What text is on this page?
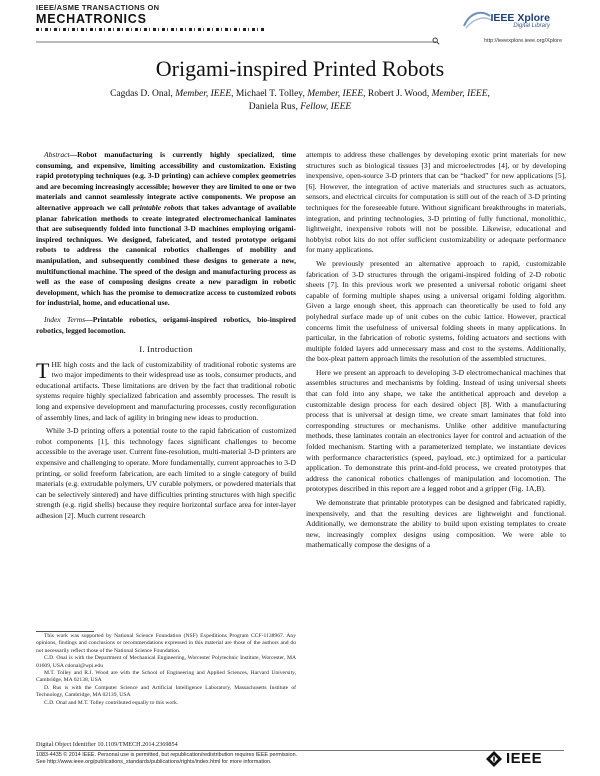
IEEE/ASME TRANSACTIONS ON
MECHATRONICS	IEEE Xplore
Digital Library
http://ieeexplore.ieee.org/Xplore
Origami-inspired Printed Robots
Cagdas D. Onal, Member, IEEE, Michael T. Tolley, Member, IEEE, Robert J. Wood, Member, IEEE,
Daniela Rus, Fellow, IEEE

Abstract—Robot manufacturing is currently highly specialized, time consuming, and expensive, limiting accessibility and customization. Existing rapid prototyping techniques (e.g. 3-D printing) can achieve complex geometries and are becoming increasingly accessible; however they are limited to one or two materials and cannot seamlessly integrate active components. We propose an alternative approach we call printable robots that takes advantage of available planar fabrication methods to create integrated electromechanical laminates that are subsequently folded into functional 3-D machines employing origami-inspired techniques. We designed, fabricated, and tested prototype origami robots to address the canonical robotics challenges of mobility and manipulation, and subsequently combined these designs to generate a new, multifunctional machine. The speed of the design and manufacturing process as well as the ease of composing designs create a new paradigm in robotic development, which has the promise to democratize access to customized robots for industrial, home, and educational use.

Index Terms—Printable robotics, origami-inspired robotics, bio-inspired robotics, legged locomotion.

I. Introduction

THE high costs and the lack of customizability of traditional robotic systems are two major impediments to their widespread use as tools, consumer products, and educational artifacts. These limitations are driven by the fact that traditional robotic systems require highly specialized fabrication and assembly processes. The result is long and expensive development and manufacturing processes, costly reconfiguration of assembly lines, and lack of agility in bringing new ideas to production.

While 3-D printing offers a potential route to the rapid fabrication of customized robot components [1], this technology faces significant challenges to become accessible to the average user. Current fine-resolution, multi-material 3-D printers are expensive and challenging to operate. More fundamentally, current approaches to 3-D printing, or solid freeform fabrication, are each limited to a single category of build materials (e.g. extrudable polymers, UV curable polymers, or powdered materials that can be selectively sintered) and have difficulties printing structures with high specific strength (e.g. rigid shells) because they require horizontal surface area for inter-layer adhesion [2]. Much current research

attempts to address these challenges by developing exotic print materials for new structures such as biological tissues [3] and microelectrodes [4], or by developing inexpensive, open-source 3-D printers that can be “hacked” for new applications [5], [6]. However, the integration of active materials and structures such as actuators, sensors, and electrical circuits for computation is still out of the reach of 3-D printing techniques for the foreseeable future. Without significant breakthroughs in materials, integration, and printing technologies, 3-D printing of fully functional, monolithic, lightweight, inexpensive robots will not be possible. Likewise, educational and hobbyist robot kits do not offer sufficient customizability or adequate performance for many applications.

We previously presented an alternative approach to rapid, customizable fabrication of 3-D structures through the origami-inspired folding of 2-D robotic sheets [7]. In this previous work we presented a universal robotic origami sheet capable of forming multiple shapes using a universal origami folding algorithm. Given a large enough sheet, this approach can theoretically be used to fold any polyhedral surface made up of unit cubes on the cubic lattice. However, practical concerns limit the usefulness of universal folding sheets in many applications. In particular, in the fabrication of robotic systems, folding actuators and sections with multiple folded layers add unnecessary mass and cost to the systems. Additionally, the box-pleat pattern approach limits the resolution of the assembled structures.

Here we present an approach to developing 3-D electromechanical machines that assembles structures and mechanisms by folding. Instead of using universal sheets that can fold into any shape, we take the antithetical approach and develop a customizable design process for each desired object [8]. With a manufacturing process that is universal at design time, we create smart laminates that fold into corresponding structures or mechanisms. Unlike other additive manufacturing methods, these laminates contain an electronics layer for control and actuation of the folded mechanism. Starting with a parameterized template, we instantiate devices with performance characteristics (speed, payload, etc.) optimized for a particular application. To demonstrate this print-and-fold process, we created prototypes that address the canonical robotics challenges of manipulation and locomotion. The prototypes described in this report are a legged robot and a gripper (Fig. 1A,B).

We demonstrate that printable prototypes can be designed and fabricated rapidly, inexpensively, and that the resulting devices are lightweight and functional. Additionally, we demonstrate the ability to build upon existing templates to create new, increasingly complex designs using composition. We were able to mathematically compose the designs of a

This work was supported by National Science Foundation (NSF) Expeditions Program CCF-1138967. Any opinions, findings and conclusions or recommendations expressed in this material are those of the authors and do not necessarily reflect those of the National Science Foundation.

C.D. Onal is with the Department of Mechanical Engineering, Worcester Polytechnic Institute, Worcester, MA 01609, USA cdonal@wpi.edu

M.T. Tolley and R.J. Wood are with the School of Engineering and Applied Sciences, Harvard University, Cambridge, MA 02138, USA

D. Rus is with the Computer Science and Artificial Intelligence Laboratory, Massachusetts Institute of Technology, Cambridge, MA 02139, USA

C.D. Onal and M.T. Tolley contributed equally to this work.

Digital Object Identifier 10.1109/TMECH.2014.2369854
1083-4435 © 2014 IEEE. Personal use is permitted, but republication/redistribution requires IEEE permission.
See http://www.ieee.org/publications_standards/publications/rights/index.html for more information.	IEEE
